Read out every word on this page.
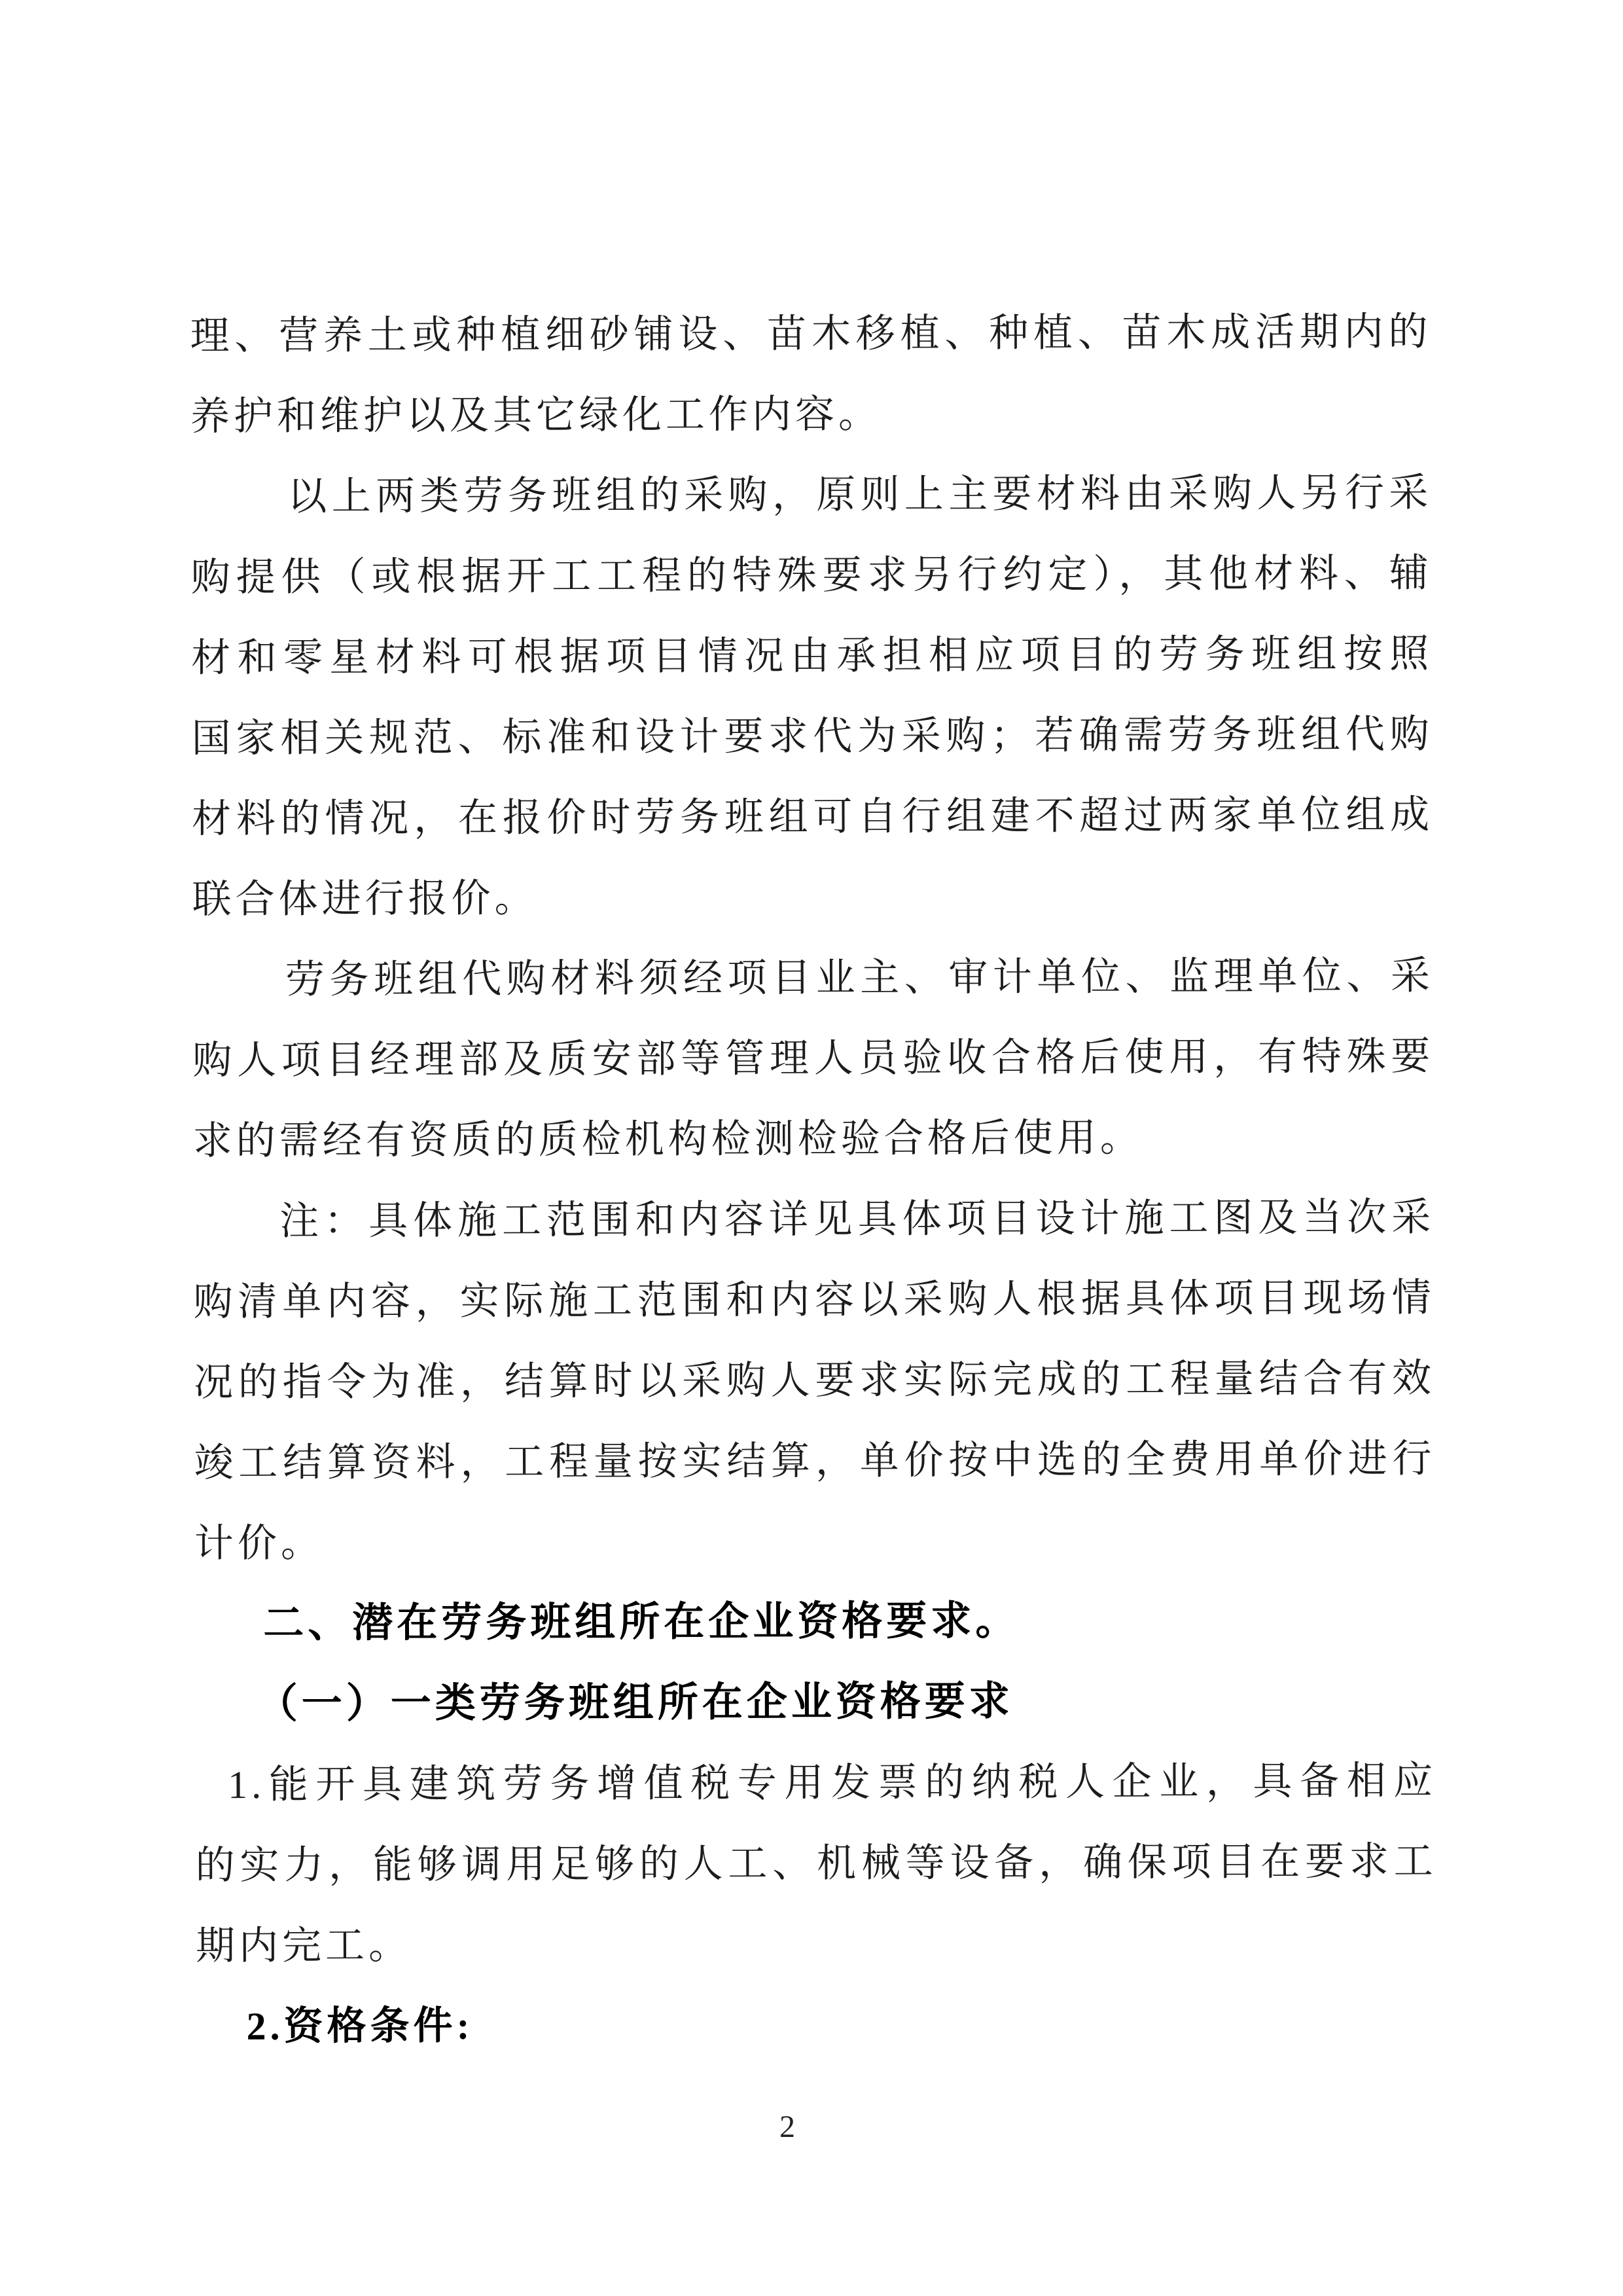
理、营养土或种植细砂铺设、苗木移植、种植、苗木成活期内的
养护和维护以及其它绿化工作内容。
以上两类劳务班组的采购，原则上主要材料由采购人另行采
购提供（或根据开工工程的特殊要求另行约定），其他材料、辅
材和零星材料可根据项目情况由承担相应项目的劳务班组按照
国家相关规范、标准和设计要求代为采购；若确需劳务班组代购
材料的情况，在报价时劳务班组可自行组建不超过两家单位组成
联合体进行报价。
劳务班组代购材料须经项目业主、审计单位、监理单位、采
购人项目经理部及质安部等管理人员验收合格后使用，有特殊要
求的需经有资质的质检机构检测检验合格后使用。
注：具体施工范围和内容详见具体项目设计施工图及当次采
购清单内容，实际施工范围和内容以采购人根据具体项目现场情
况的指令为准，结算时以采购人要求实际完成的工程量结合有效
竣工结算资料，工程量按实结算，单价按中选的全费用单价进行
计价。
二、潜在劳务班组所在企业资格要求。
（一）一类劳务班组所在企业资格要求
1.能开具建筑劳务增值税专用发票的纳税人企业，具备相应
的实力，能够调用足够的人工、机械等设备，确保项目在要求工
期内完工。
2.资格条件:
2
